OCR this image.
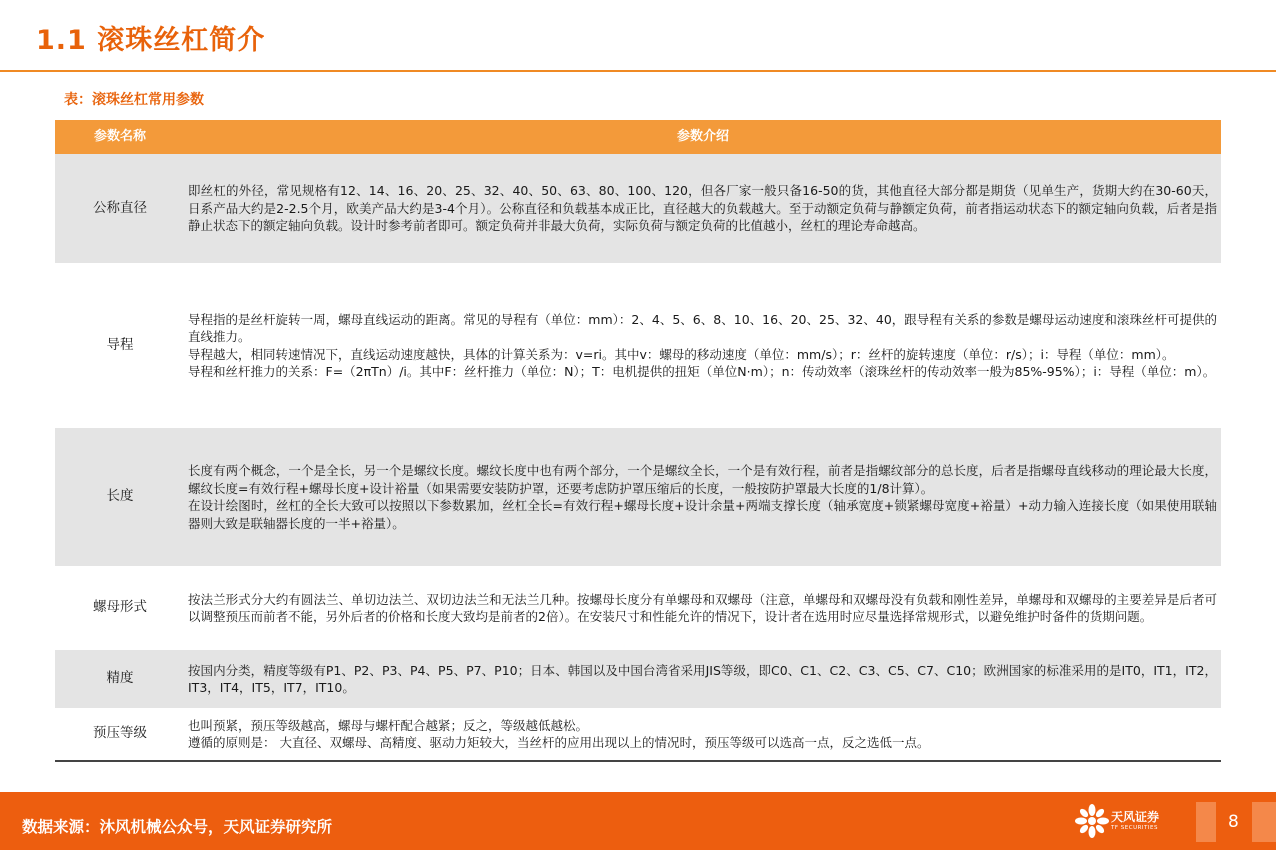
1.1 滚珠丝杠简介
表：滚珠丝杠常用参数
参数名称	参数介绍
公称直径	即丝杠的外径，常见规格有12、14、16、20、25、32、40、50、63、80、100、120，但各厂家一般只备16-50的货，其他直径大部分都是期货（见单生产，货期大约在30-60天，日系产品大约是2-2.5个月，欧美产品大约是3-4个月）。公称直径和负载基本成正比，直径越大的负载越大。至于动额定负荷与静额定负荷，前者指运动状态下的额定轴向负载，后者是指静止状态下的额定轴向负载。设计时参考前者即可。额定负荷并非最大负荷，实际负荷与额定负荷的比值越小，丝杠的理论寿命越高。

导程	导程指的是丝杆旋转一周，螺母直线运动的距离。常见的导程有（单位：mm）：2、4、5、6、8、10、16、20、25、32、40，跟导程有关系的参数是螺母运动速度和滚珠丝杆可提供的直线推力。

导程越大，相同转速情况下，直线运动速度越快，具体的计算关系为：v=ri。其中v：螺母的移动速度（单位：mm/s）；r：丝杆的旋转速度（单位：r/s）；i：导程（单位：mm）。

导程和丝杆推力的关系：F=（2πTn）/i。其中F：丝杆推力（单位：N）；T：电机提供的扭矩（单位N·m）；n：传动效率（滚珠丝杆的传动效率一般为85%-95%）；i：导程（单位：m）。

长度	长度有两个概念，一个是全长，另一个是螺纹长度。螺纹长度中也有两个部分，一个是螺纹全长，一个是有效行程，前者是指螺纹部分的总长度，后者是指螺母直线移动的理论最大长度，螺纹长度=有效行程+螺母长度+设计裕量（如果需要安装防护罩，还要考虑防护罩压缩后的长度，一般按防护罩最大长度的1/8计算）。

在设计绘图时，丝杠的全长大致可以按照以下参数累加，丝杠全长=有效行程+螺母长度+设计余量+两端支撑长度（轴承宽度+锁紧螺母宽度+裕量）+动力输入连接长度（如果使用联轴器则大致是联轴器长度的一半+裕量）。

螺母形式	按法兰形式分大约有圆法兰、单切边法兰、双切边法兰和无法兰几种。按螺母长度分有单螺母和双螺母（注意，单螺母和双螺母没有负载和刚性差异，单螺母和双螺母的主要差异是后者可以调整预压而前者不能，另外后者的价格和长度大致均是前者的2倍）。在安装尺寸和性能允许的情况下，设计者在选用时应尽量选择常规形式，以避免维护时备件的货期问题。

精度	按国内分类，精度等级有P1、P2、P3、P4、P5、P7、P10；日本、韩国以及中国台湾省采用JIS等级，即C0、C1、C2、C3、C5、C7、C10；欧洲国家的标准采用的是IT0，IT1，IT2，IT3，IT4，IT5，IT7，IT10。

预压等级	也叫预紧，预压等级越高，螺母与螺杆配合越紧；反之，等级越低越松。

遵循的原则是： 大直径、双螺母、高精度、驱动力矩较大，当丝杆的应用出现以上的情况时，预压等级可以选高一点，反之选低一点。

数据来源：沐风机械公众号，天风证券研究所
天风证券
TF SECURITIES	8
